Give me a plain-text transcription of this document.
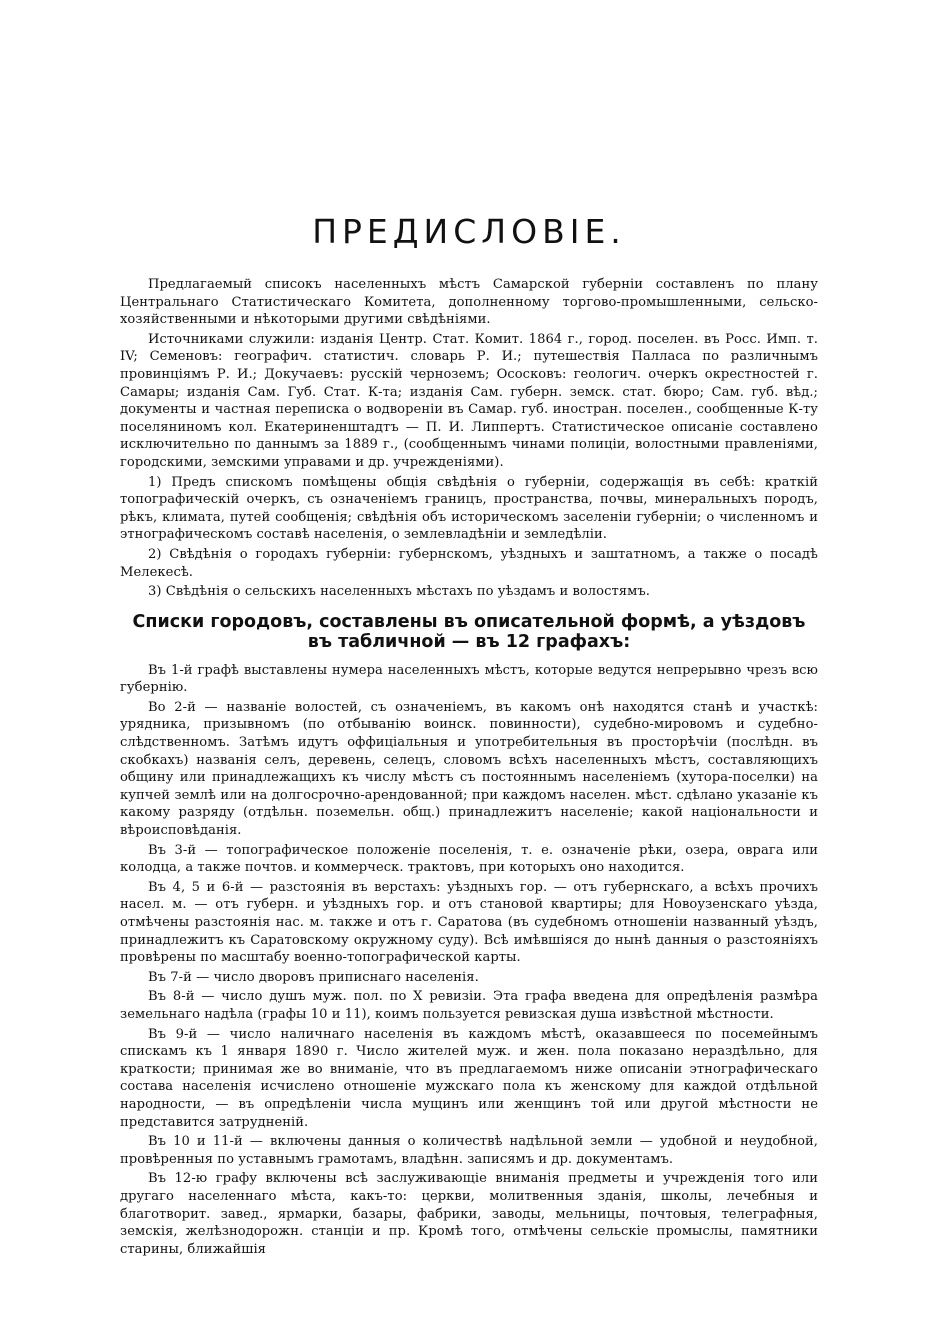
ПРЕДИСЛОВІЕ.

Предлагаемый списокъ населенныхъ мѣстъ Самарской губерніи составленъ по плану Центральнаго Статистическаго Комитета, дополненному торгово-промышленными, сельско-хозяйственными и нѣкоторыми другими свѣдѣніями.

Источниками служили: изданія Центр. Стат. Комит. 1864 г., город. поселен. въ Росс. Имп. т. IV; Семеновъ: географич. статистич. словарь Р. И.; путешествія Палласа по различнымъ провинціямъ Р. И.; Докучаевъ: русскій черноземъ; Ососковъ: геологич. очеркъ окрестностей г. Самары; изданія Сам. Губ. Стат. К-та; изданія Сам. губерн. земск. стат. бюро; Сам. губ. вѣд.; документы и частная переписка о водвореніи въ Самар. губ. иностран. поселен., сообщенные К-ту поселяниномъ кол. Екатериненштадтъ — П. И. Липпертъ. Статистическое описаніе составлено исключительно по даннымъ за 1889 г., (сообщеннымъ чинами полиціи, волостными правленіями, городскими, земскими управами и др. учрежденіями).

1) Предъ спискомъ помѣщены общія свѣдѣнія о губерніи, содержащія въ себѣ: краткій топографическій очеркъ, съ означеніемъ границъ, пространства, почвы, минеральныхъ породъ, рѣкъ, климата, путей сообщенія; свѣдѣнія объ историческомъ заселеніи губерніи; о численномъ и этнографическомъ составѣ населенія, о землевладѣніи и земледѣліи.

2) Свѣдѣнія о городахъ губерніи: губернскомъ, уѣздныхъ и заштатномъ, а также о посадѣ Мелекесѣ.

3) Свѣдѣнія о сельскихъ населенныхъ мѣстахъ по уѣздамъ и волостямъ.

Списки городовъ, составлены въ описательной формѣ, а уѣздовъ въ табличной — въ 12 графахъ:

Въ 1-й графѣ выставлены нумера населенныхъ мѣстъ, которые ведутся непрерывно чрезъ всю губернію.

Во 2-й — названіе волостей, съ означеніемъ, въ какомъ онѣ находятся станѣ и участкѣ: урядника, призывномъ (по отбыванію воинск. повинности), судебно-мировомъ и судебно-слѣдственномъ. Затѣмъ идутъ оффиціальныя и употребительныя въ просторѣчіи (послѣдн. въ скобкахъ) названія селъ, деревень, селецъ, словомъ всѣхъ населенныхъ мѣстъ, составляющихъ общину или принадлежащихъ къ числу мѣстъ съ постояннымъ населеніемъ (хутора-поселки) на купчей землѣ или на долгосрочно-арендованной; при каждомъ населен. мѣст. сдѣлано указаніе къ какому разряду (отдѣльн. поземельн. общ.) принадлежитъ населеніе; какой національности и вѣроисповѣданія.

Въ 3-й — топографическое положеніе поселенія, т. е. означеніе рѣки, озера, оврага или колодца, а также почтов. и коммерческ. трактовъ, при которыхъ оно находится.

Въ 4, 5 и 6-й — разстоянія въ верстахъ: уѣздныхъ гор. — отъ губернскаго, а всѣхъ прочихъ насел. м. — отъ губерн. и уѣздныхъ гор. и отъ становой квартиры; для Новоузенскаго уѣзда, отмѣчены разстоянія нас. м. также и отъ г. Саратова (въ судебномъ отношеніи названный уѣздъ, принадлежитъ къ Саратовскому окружному суду). Всѣ имѣвшіяся до нынѣ данныя о разстояніяхъ провѣрены по масштабу военно-топографической карты.

Въ 7-й — число дворовъ приписнаго населенія.

Въ 8-й — число душъ муж. пол. по X ревизіи. Эта графа введена для опредѣленія размѣра земельнаго надѣла (графы 10 и 11), коимъ пользуется ревизская душа извѣстной мѣстности.

Въ 9-й — число наличнаго населенія въ каждомъ мѣстѣ, оказавшееся по посемейнымъ спискамъ къ 1 января 1890 г. Число жителей муж. и жен. пола показано нераздѣльно, для краткости; принимая же во вниманіе, что въ предлагаемомъ ниже описаніи этнографическаго состава населенія исчислено отношеніе мужскаго пола къ женскому для каждой отдѣльной народности, — въ опредѣленіи числа мущинъ или женщинъ той или другой мѣстности не представится затрудненій.

Въ 10 и 11-й — включены данныя о количествѣ надѣльной земли — удобной и неудобной, провѣренныя по уставнымъ грамотамъ, владѣнн. записямъ и др. документамъ.

Въ 12-ю графу включены всѣ заслуживающіе вниманія предметы и учрежденія того или другаго населеннаго мѣста, какъ-то: церкви, молитвенныя зданія, школы, лечебныя и благотворит. завед., ярмарки, базары, фабрики, заводы, мельницы, почтовыя, телеграфныя, земскія, желѣзнодорожн. станціи и пр. Кромѣ того, отмѣчены сельскіе промыслы, памятники старины, ближайшія
